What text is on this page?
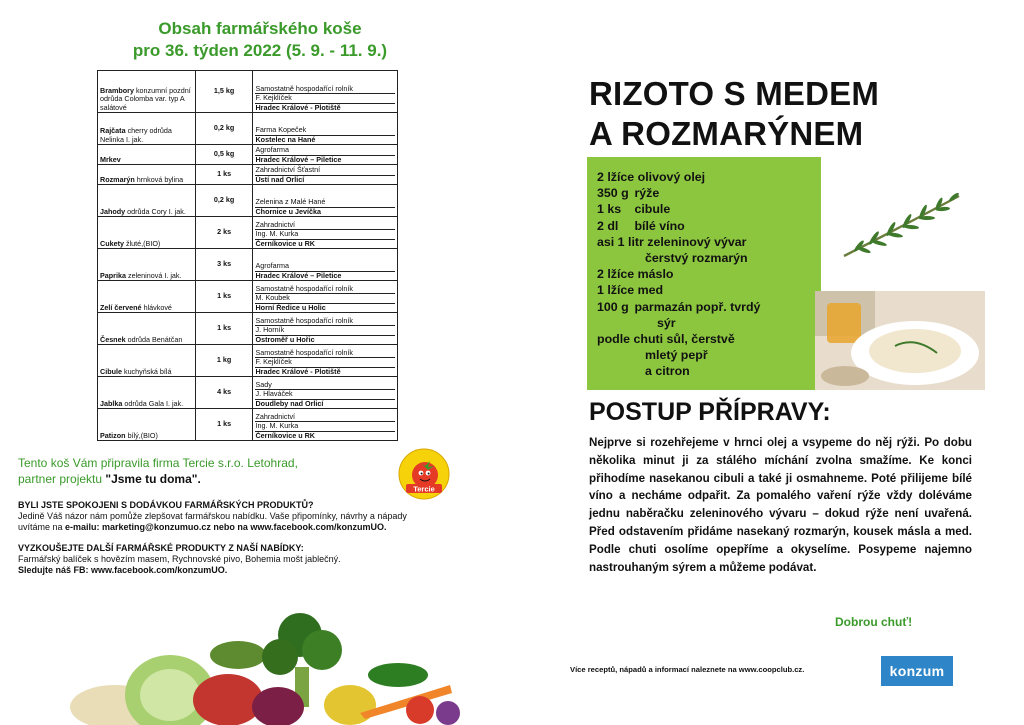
Obsah farmářského koše
pro 36. týden 2022 (5. 9. - 11. 9.)
Brambory konzumní pozdní odrůda Colomba var. typ A salátové	1,5 kg	Samostatně hospodařící rolník
F. Kejklíček
Hradec Králové - Plotiště

Rajčata cherry odrůda Nelinka I. jak.	0,2 kg	Farma Kopeček
Kostelec na Hané

Mrkev	0,5 kg	Agrofarma
Hradec Králové – Piletice

Rozmarýn hrnková bylina	1 ks	Zahradnictví Šťastní
Ústí nad Orlicí

Jahody odrůda Cory I. jak.	0,2 kg	Zelenina z Malé Hané
Chornice u Jevíčka

Cukety žluté,(BIO)	2 ks	Zahradnictví
Ing. M. Kurka
Černíkovice u RK

Paprika zeleninová I. jak.	3 ks	Agrofarma
Hradec Králové – Piletice

Zelí červené hlávkové	1 ks	Samostatně hospodařící rolník
M. Koubek
Horní Ředice u Holic

Česnek odrůda Benátčan	1 ks	Samostatně hospodařící rolník
J. Horník
Ostroměř u Hořic

Cibule kuchyňská bílá	1 kg	Samostatně hospodařící rolník
F. Kejklíček
Hradec Králové - Plotiště

Jablka odrůda Gala I. jak.	4 ks	Sady
J. Hlaváček
Doudleby nad Orlicí

Patizon bílý,(BIO)	1 ks	Zahradnictví
Ing. M. Kurka
Černíkovice u RK
Tento koš Vám připravila firma Tercie s.r.o. Letohrad,
partner projektu "Jsme tu doma".
Tercie

BYLI JSTE SPOKOJENI S DODÁVKOU FARMÁŘSKÝCH PRODUKTŮ?

Jedině Váš názor nám pomůže zlepšovat farmářskou nabídku. Vaše připomínky, návrhy a nápady

uvítáme na e-mailu: marketing@konzumuo.cz nebo na www.facebook.com/konzumUO.

VYZKOUŠEJTE DALŠÍ FARMÁŘSKÉ PRODUKTY Z NAŠÍ NABÍDKY:

Farmářský balíček s hovězím masem, Rychnovské pivo, Bohemia mošt jablečný.

Sledujte náš FB: www.facebook.com/konzumUO.

RIZOTO S MEDEM
A ROZMARÝNEM
2 lžíce olivový olej
350 g rýže
1 ks cibule
2 dl bílé víno
asi 1 litr zeleninový vývar
čerstvý rozmarýn
2 lžíce máslo
1 lžíce med
100 g parmazán popř. tvrdý
sýr
podle chuti sůl, čerstvě
mletý pepř
a citron
POSTUP PŘÍPRAVY:
Nejprve si rozehřejeme v hrnci olej a vsypeme do něj rýži. Po dobu několika minut ji za stálého míchání zvolna smažíme. Ke konci přihodíme nasekanou cibuli a také ji osmahneme. Poté přilijeme bílé víno a necháme odpařit. Za pomalého vaření rýže vždy doléváme jednu naběračku zeleninového vývaru – dokud rýže není uvařená. Před odstavením přidáme nasekaný rozmarýn, kousek másla a med. Podle chuti osolíme opepříme a okyselíme. Posypeme najemno nastrouhaným sýrem a můžeme podávat.
Dobrou chuť!
Více receptů, nápadů a informací naleznete na www.coopclub.cz.	konzum
